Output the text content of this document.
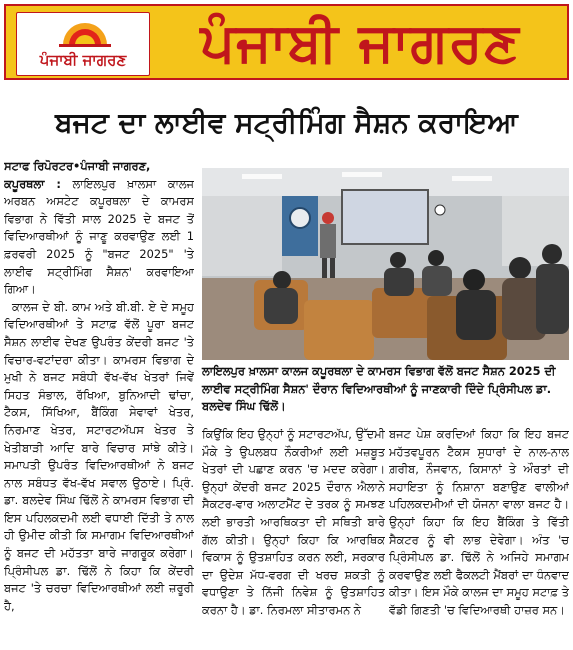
ਪੰਜਾਬੀ ਜਾਗਰਣ	ਪੰਜਾਬੀ ਜਾਗਰਣ
ਬਜਟ ਦਾ ਲਾਈਵ ਸਟ੍ਰੀਮਿੰਗ ਸੈਸ਼ਨ ਕਰਾਇਆ

ਸਟਾਫ ਰਿਪੋਰਟਰ•ਪੰਜਾਬੀ ਜਾਗਰਣ,

ਕਪੂਰਥਲਾ : ਲਾਇਲਪੁਰ ਖ਼ਾਲਸਾ ਕਾਲਜ ਅਰਬਨ ਅਸਟੇਟ ਕਪੂਰਥਲਾ ਦੇ ਕਾਮਰਸ ਵਿਭਾਗ ਨੇ ਵਿੱਤੀ ਸਾਲ 2025 ਦੇ ਬਜਟ ਤੋਂ ਵਿਦਿਆਰਥੀਆਂ ਨੂੰ ਜਾਣੂ ਕਰਵਾਉਣ ਲਈ 1 ਫ਼ਰਵਰੀ 2025 ਨੂੰ "ਬਜਟ 2025" 'ਤੇ ਲਾਈਵ ਸਟ੍ਰੀਮਿੰਗ ਸੈਸ਼ਨ' ਕਰਵਾਇਆ ਗਿਆ।

ਕਾਲਜ ਦੇ ਬੀ. ਕਾਮ ਅਤੇ ਬੀ.ਬੀ. ਏ ਦੇ ਸਮੂਹ ਵਿਦਿਆਰਥੀਆਂ ਤੇ ਸਟਾਫ਼ ਵੱਲੋਂ ਪੂਰਾ ਬਜਟ ਸੈਸ਼ਨ ਲਾਈਵ ਦੇਖਣ ਉਪਰੰਤ ਕੇਂਦਰੀ ਬਜਟ 'ਤੇ ਵਿਚਾਰ-ਵਟਾਂਦਰਾ ਕੀਤਾ। ਕਾਮਰਸ ਵਿਭਾਗ ਦੇ ਮੁਖੀ ਨੇ ਬਜਟ ਸਬੰਧੀ ਵੱਖ-ਵੱਖ ਖੇਤਰਾਂ ਜਿਵੇਂ ਸਿਹਤ ਸੰਭਾਲ, ਰੱਖਿਆ, ਬੁਨਿਆਦੀ ਢਾਂਚਾ, ਟੈਕਸ, ਸਿੱਖਿਆ, ਬੈਂਕਿੰਗ ਸੇਵਾਵਾਂ ਖੇਤਰ, ਨਿਰਮਾਣ ਖੇਤਰ, ਸਟਾਰਟਅੱਪਸ ਖੇਤਰ ਤੇ ਖੇਤੀਬਾੜੀ ਆਦਿ ਬਾਰੇ ਵਿਚਾਰ ਸਾਂਝੇ ਕੀਤੇ। ਸਮਾਪਤੀ ਉਪਰੰਤ ਵਿਦਿਆਰਥੀਆਂ ਨੇ ਬਜਟ ਨਾਲ ਸਬੰਧਤ ਵੱਖ-ਵੱਖ ਸਵਾਲ ਉਠਾਏ। ਪ੍ਰਿੰ. ਡਾ. ਬਲਦੇਵ ਸਿੰਘ ਢਿੱਲੋਂ ਨੇ ਕਾਮਰਸ ਵਿਭਾਗ ਦੀ ਇਸ ਪਹਿਲਕਦਮੀ ਲਈ ਵਧਾਈ ਦਿੱਤੀ ਤੇ ਨਾਲ ਹੀ ਉਮੀਦ ਕੀਤੀ ਕਿ ਸਮਾਗਮ ਵਿਦਿਆਰਥੀਆਂ ਨੂੰ ਬਜਟ ਦੀ ਮਹੱਤਤਾ ਬਾਰੇ ਜਾਗਰੂਕ ਕਰੇਗਾ। ਪ੍ਰਿੰਸੀਪਲ ਡਾ. ਢਿੱਲੋਂ ਨੇ ਕਿਹਾ ਕਿ ਕੇਂਦਰੀ ਬਜਟ 'ਤੇ ਚਰਚਾ ਵਿਦਿਆਰਥੀਆਂ ਲਈ ਜ਼ਰੂਰੀ ਹੈ,

ਲਾਇਲਪੁਰ ਖ਼ਾਲਸਾ ਕਾਲਜ ਕਪੂਰਥਲਾ ਦੇ ਕਾਮਰਸ ਵਿਭਾਗ ਵੱਲੋਂ ਬਜਟ ਸੈਸ਼ਨ 2025 ਦੀ ਲਾਈਵ ਸਟ੍ਰੀਮਿੰਗ ਸੈਸ਼ਨ' ਦੌਰਾਨ ਵਿਦਿਆਰਥੀਆਂ ਨੂੰ ਜਾਣਕਾਰੀ ਦਿੰਦੇ ਪ੍ਰਿੰਸੀਪਲ ਡਾ. ਬਲਦੇਵ ਸਿੰਘ ਢਿੱਲੋਂ।

ਕਿਉਂਕਿ ਇਹ ਉਨ੍ਹਾਂ ਨੂੰ ਸਟਾਰਟਅੱਪ, ਉੱਦਮੀ ਮੌਕੇ ਤੇ ਉਪਲਬਧ ਨੌਕਰੀਆਂ ਲਈ ਮਜ਼ਬੂਤ ਖੇਤਰਾਂ ਦੀ ਪਛਾਣ ਕਰਨ 'ਚ ਮਦਦ ਕਰੇਗਾ। ਉਨ੍ਹਾਂ ਕੇਂਦਰੀ ਬਜਟ 2025 ਦੌਰਾਨ ਐਲਾਨੇ ਸੈਕਟਰ-ਵਾਰ ਅਲਾਟਮੈਂਟ ਦੇ ਤਰਕ ਨੂੰ ਸਮਝਣ ਲਈ ਭਾਰਤੀ ਆਰਥਿਕਤਾ ਦੀ ਸਥਿਤੀ ਬਾਰੇ ਗੱਲ ਕੀਤੀ। ਉਨ੍ਹਾਂ ਕਿਹਾ ਕਿ ਆਰਥਿਕ ਵਿਕਾਸ ਨੂੰ ਉਤਸ਼ਾਹਿਤ ਕਰਨ ਲਈ, ਸਰਕਾਰ ਦਾ ਉਦੇਸ਼ ਮੱਧ-ਵਰਗ ਦੀ ਖਰਚ ਸ਼ਕਤੀ ਨੂੰ ਵਧਾਉਣਾ ਤੇ ਨਿੱਜੀ ਨਿਵੇਸ਼ ਨੂੰ ਉਤਸ਼ਾਹਿਤ ਕਰਨਾ ਹੈ। ਡਾ. ਨਿਰਮਲਾ ਸੀਤਾਰਮਨ ਨੇ

ਬਜਟ ਪੇਸ਼ ਕਰਦਿਆਂ ਕਿਹਾ ਕਿ ਇਹ ਬਜਟ ਮਹੱਤਵਪੂਰਨ ਟੈਕਸ ਸੁਧਾਰਾਂ ਦੇ ਨਾਲ-ਨਾਲ ਗ਼ਰੀਬ, ਨੌਜਵਾਨ, ਕਿਸਾਨਾਂ ਤੇ ਔਰਤਾਂ ਦੀ ਸਹਾਇਤਾ ਨੂੰ ਨਿਸ਼ਾਨਾ ਬਣਾਉਣ ਵਾਲੀਆਂ ਪਹਿਲਕਦਮੀਆਂ ਦੀ ਯੋਜਨਾ ਵਾਲਾ ਬਜਟ ਹੈ। ਉਨ੍ਹਾਂ ਕਿਹਾ ਕਿ ਇਹ ਬੈਂਕਿੰਗ ਤੇ ਵਿੱਤੀ ਸੈਕਟਰ ਨੂੰ ਵੀ ਲਾਭ ਦੇਵੇਗਾ। ਅੰਤ 'ਚ ਪ੍ਰਿੰਸੀਪਲ ਡਾ. ਢਿੱਲੋਂ ਨੇ ਅਜਿਹੇ ਸਮਾਗਮ ਕਰਵਾਉਣ ਲਈ ਫੈਕਲਟੀ ਮੈਂਬਰਾਂ ਦਾ ਧੰਨਵਾਦ ਕੀਤਾ। ਇਸ ਮੌਕੇ ਕਾਲਜ ਦਾ ਸਮੂਹ ਸਟਾਫ਼ ਤੇ ਵੱਡੀ ਗਿਣਤੀ 'ਚ ਵਿਦਿਆਰਥੀ ਹਾਜ਼ਰ ਸਨ।
